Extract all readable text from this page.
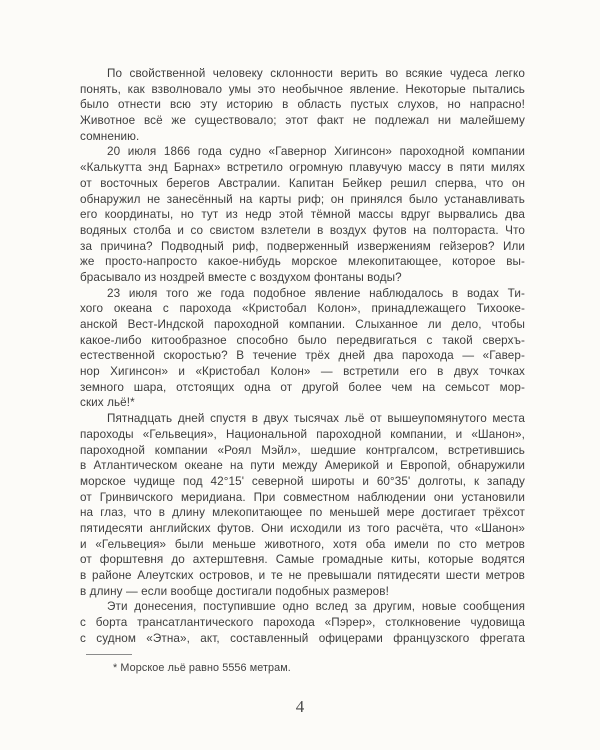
По свойственной человеку склонности верить во всякие чудеса легко
понять, как взволновало умы это необычное явление. Некоторые пытались
было отнести всю эту историю в область пустых слухов, но напрасно!
Животное всё же существовало; этот факт не подлежал ни малейшему
сомнению.
20 июля 1866 года судно «Гавернор Хигинсон» пароходной компании
«Калькутта энд Барнах» встретило огромную плавучую массу в пяти милях
от восточных берегов Австралии. Капитан Бейкер решил сперва, что он
обнаружил не занесённый на карты риф; он принялся было устанавливать
его координаты, но тут из недр этой тёмной массы вдруг вырвались два
водяных столба и со свистом взлетели в воздух футов на полтораста. Что
за причина? Подводный риф, подверженный извержениям гейзеров? Или
же просто-напросто какое-нибудь морское млекопитающее, которое вы-
брасывало из ноздрей вместе с воздухом фонтаны воды?
23 июля того же года подобное явление наблюдалось в водах Ти-
хого океана с парохода «Кристобал Колон», принадлежащего Тихооке-
анской Вест-Индской пароходной компании. Слыханное ли дело, чтобы
какое-либо китообразное способно было передвигаться с такой сверхъ-
естественной скоростью? В течение трёх дней два парохода — «Гавер-
нор Хигинсон» и «Кристобал Колон» — встретили его в двух точках
земного шара, отстоящих одна от другой более чем на семьсот мор-
ских льё!*
Пятнадцать дней спустя в двух тысячах льё от вышеупомянутого места
пароходы «Гельвеция», Национальной пароходной компании, и «Шанон»,
пароходной компании «Роял Мэйл», шедшие контргалсом, встретившись
в Атлантическом океане на пути между Америкой и Европой, обнаружили
морское чудище под 42°15' северной широты и 60°35' долготы, к западу
от Гринвичского меридиана. При совместном наблюдении они установили
на глаз, что в длину млекопитающее по меньшей мере достигает трёхсот
пятидесяти английских футов. Они исходили из того расчёта, что «Шанон»
и «Гельвеция» были меньше животного, хотя оба имели по сто метров
от форштевня до ахтерштевня. Самые громадные киты, которые водятся
в районе Алеутских островов, и те не превышали пятидесяти шести метров
в длину — если вообще достигали подобных размеров!
Эти донесения, поступившие одно вслед за другим, новые сообщения
с борта трансатлантического парохода «Пэрер», столкновение чудовища
с судном «Этна», акт, составленный офицерами французского фрегата
* Морское льё равно 5556 метрам.
4
